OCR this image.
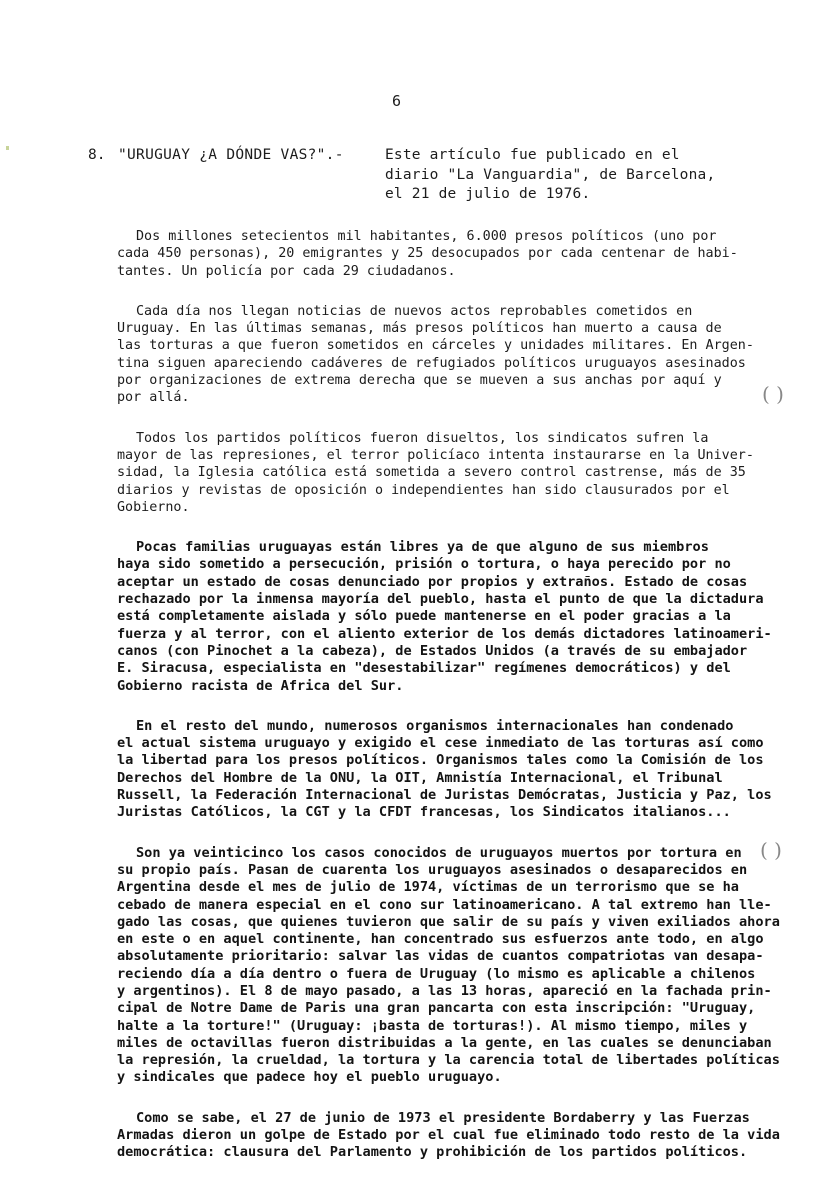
6
8. "URUGUAY ¿A DÓNDE VAS?".-	Este artículo fue publicado en el
diario "La Vanguardia", de Barcelona,
el 21 de julio de 1976.

Dos millones setecientos mil habitantes, 6.000 presos políticos (uno por
cada 450 personas), 20 emigrantes y 25 desocupados por cada centenar de habi-
tantes. Un policía por cada 29 ciudadanos.

Cada día nos llegan noticias de nuevos actos reprobables cometidos en
Uruguay. En las últimas semanas, más presos políticos han muerto a causa de
las torturas a que fueron sometidos en cárceles y unidades militares. En Argen-
tina siguen apareciendo cadáveres de refugiados políticos uruguayos asesinados
por organizaciones de extrema derecha que se mueven a sus anchas por aquí y
por allá.

Todos los partidos políticos fueron disueltos, los sindicatos sufren la
mayor de las represiones, el terror policíaco intenta instaurarse en la Univer-
sidad, la Iglesia católica está sometida a severo control castrense, más de 35
diarios y revistas de oposición o independientes han sido clausurados por el
Gobierno.

Pocas familias uruguayas están libres ya de que alguno de sus miembros
haya sido sometido a persecución, prisión o tortura, o haya perecido por no
aceptar un estado de cosas denunciado por propios y extraños. Estado de cosas
rechazado por la inmensa mayoría del pueblo, hasta el punto de que la dictadura
está completamente aislada y sólo puede mantenerse en el poder gracias a la
fuerza y al terror, con el aliento exterior de los demás dictadores latinoameri-
canos (con Pinochet a la cabeza), de Estados Unidos (a través de su embajador
E. Siracusa, especialista en "desestabilizar" regímenes democráticos) y del
Gobierno racista de Africa del Sur.

En el resto del mundo, numerosos organismos internacionales han condenado
el actual sistema uruguayo y exigido el cese inmediato de las torturas así como
la libertad para los presos políticos. Organismos tales como la Comisión de los
Derechos del Hombre de la ONU, la OIT, Amnistía Internacional, el Tribunal
Russell, la Federación Internacional de Juristas Demócratas, Justicia y Paz, los
Juristas Católicos, la CGT y la CFDT francesas, los Sindicatos italianos...

Son ya veinticinco los casos conocidos de uruguayos muertos por tortura en
su propio país. Pasan de cuarenta los uruguayos asesinados o desaparecidos en
Argentina desde el mes de julio de 1974, víctimas de un terrorismo que se ha
cebado de manera especial en el cono sur latinoamericano. A tal extremo han lle-
gado las cosas, que quienes tuvieron que salir de su país y viven exiliados ahora
en este o en aquel continente, han concentrado sus esfuerzos ante todo, en algo
absolutamente prioritario: salvar las vidas de cuantos compatriotas van desapa-
reciendo día a día dentro o fuera de Uruguay (lo mismo es aplicable a chilenos
y argentinos). El 8 de mayo pasado, a las 13 horas, apareció en la fachada prin-
cipal de Notre Dame de Paris una gran pancarta con esta inscripción: "Uruguay,
halte a la torture!" (Uruguay: ¡basta de torturas!). Al mismo tiempo, miles y
miles de octavillas fueron distribuidas a la gente, en las cuales se denunciaban
la represión, la crueldad, la tortura y la carencia total de libertades políticas
y sindicales que padece hoy el pueblo uruguayo.

Como se sabe, el 27 de junio de 1973 el presidente Bordaberry y las Fuerzas
Armadas dieron un golpe de Estado por el cual fue eliminado todo resto de la vida
democrática: clausura del Parlamento y prohibición de los partidos políticos.

( )
( )
